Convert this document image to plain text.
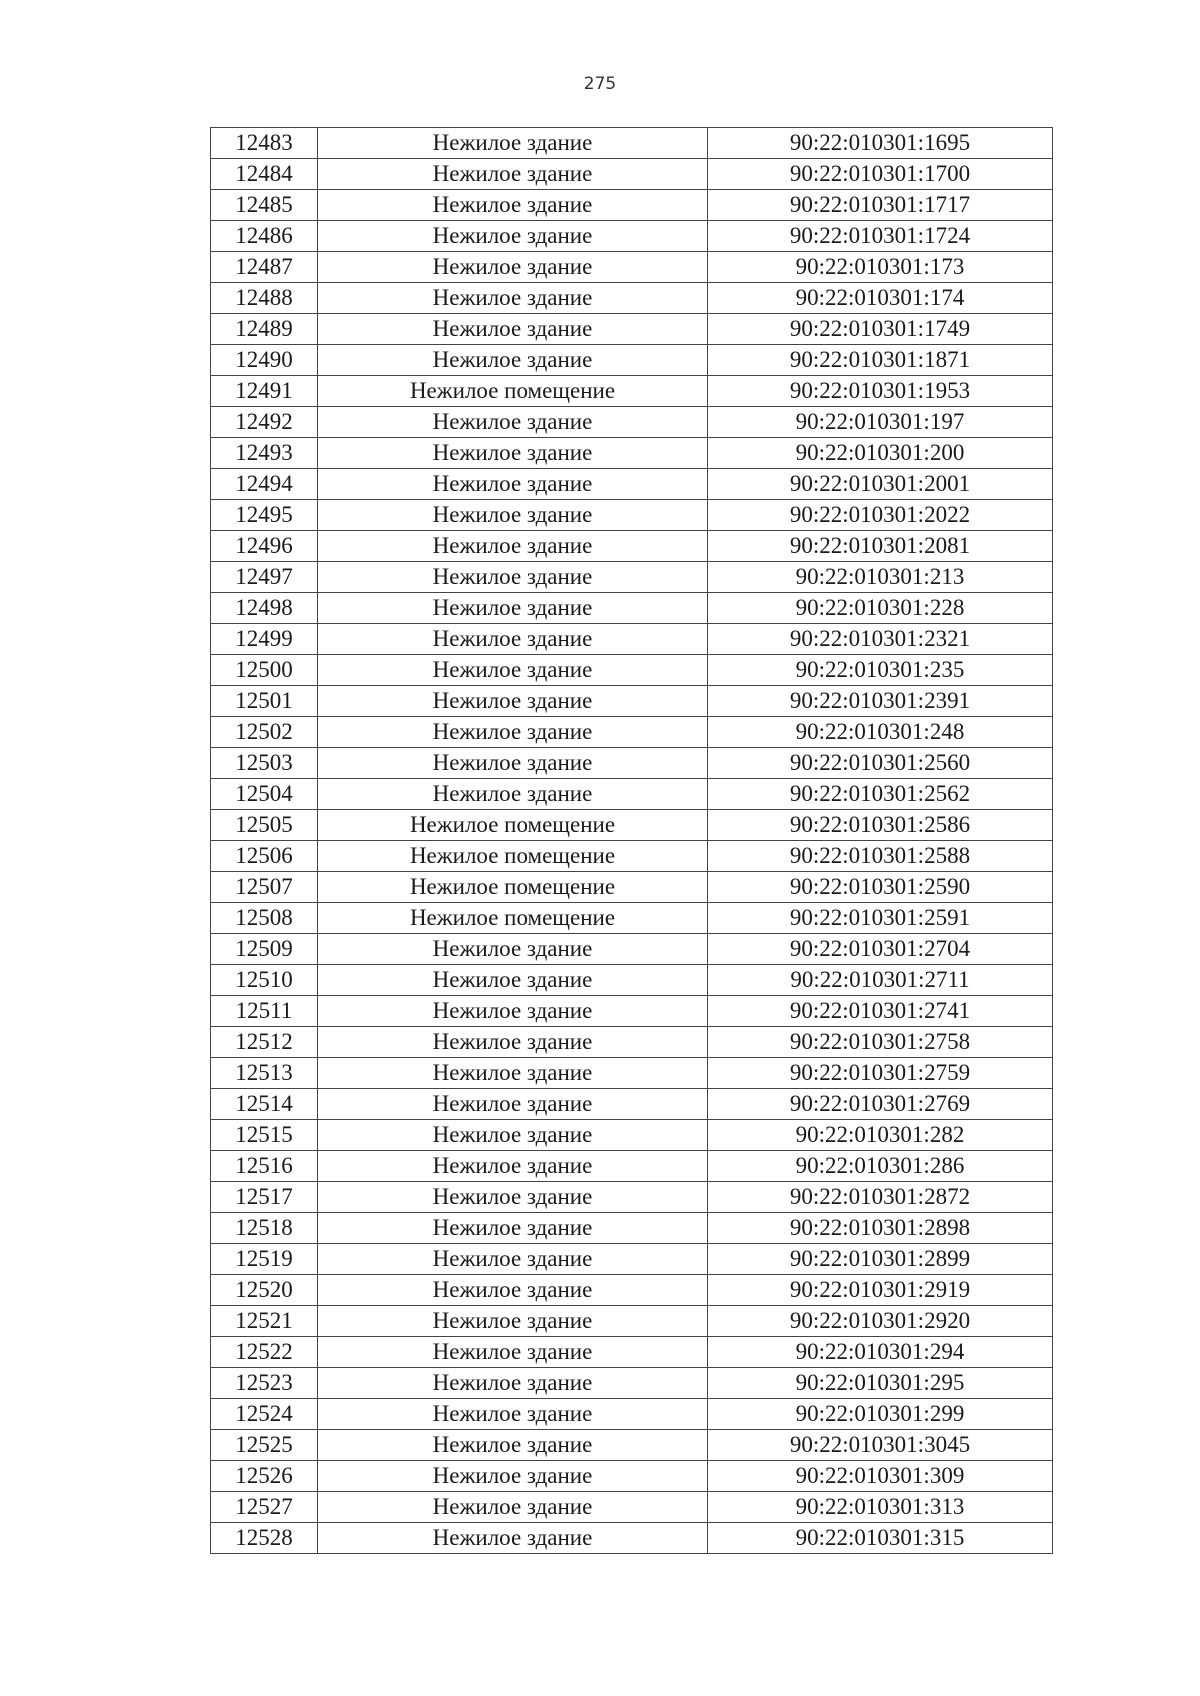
275
12483	Нежилое здание	90:22:010301:1695
12484	Нежилое здание	90:22:010301:1700
12485	Нежилое здание	90:22:010301:1717
12486	Нежилое здание	90:22:010301:1724
12487	Нежилое здание	90:22:010301:173
12488	Нежилое здание	90:22:010301:174
12489	Нежилое здание	90:22:010301:1749
12490	Нежилое здание	90:22:010301:1871
12491	Нежилое помещение	90:22:010301:1953
12492	Нежилое здание	90:22:010301:197
12493	Нежилое здание	90:22:010301:200
12494	Нежилое здание	90:22:010301:2001
12495	Нежилое здание	90:22:010301:2022
12496	Нежилое здание	90:22:010301:2081
12497	Нежилое здание	90:22:010301:213
12498	Нежилое здание	90:22:010301:228
12499	Нежилое здание	90:22:010301:2321
12500	Нежилое здание	90:22:010301:235
12501	Нежилое здание	90:22:010301:2391
12502	Нежилое здание	90:22:010301:248
12503	Нежилое здание	90:22:010301:2560
12504	Нежилое здание	90:22:010301:2562
12505	Нежилое помещение	90:22:010301:2586
12506	Нежилое помещение	90:22:010301:2588
12507	Нежилое помещение	90:22:010301:2590
12508	Нежилое помещение	90:22:010301:2591
12509	Нежилое здание	90:22:010301:2704
12510	Нежилое здание	90:22:010301:2711
12511	Нежилое здание	90:22:010301:2741
12512	Нежилое здание	90:22:010301:2758
12513	Нежилое здание	90:22:010301:2759
12514	Нежилое здание	90:22:010301:2769
12515	Нежилое здание	90:22:010301:282
12516	Нежилое здание	90:22:010301:286
12517	Нежилое здание	90:22:010301:2872
12518	Нежилое здание	90:22:010301:2898
12519	Нежилое здание	90:22:010301:2899
12520	Нежилое здание	90:22:010301:2919
12521	Нежилое здание	90:22:010301:2920
12522	Нежилое здание	90:22:010301:294
12523	Нежилое здание	90:22:010301:295
12524	Нежилое здание	90:22:010301:299
12525	Нежилое здание	90:22:010301:3045
12526	Нежилое здание	90:22:010301:309
12527	Нежилое здание	90:22:010301:313
12528	Нежилое здание	90:22:010301:315
